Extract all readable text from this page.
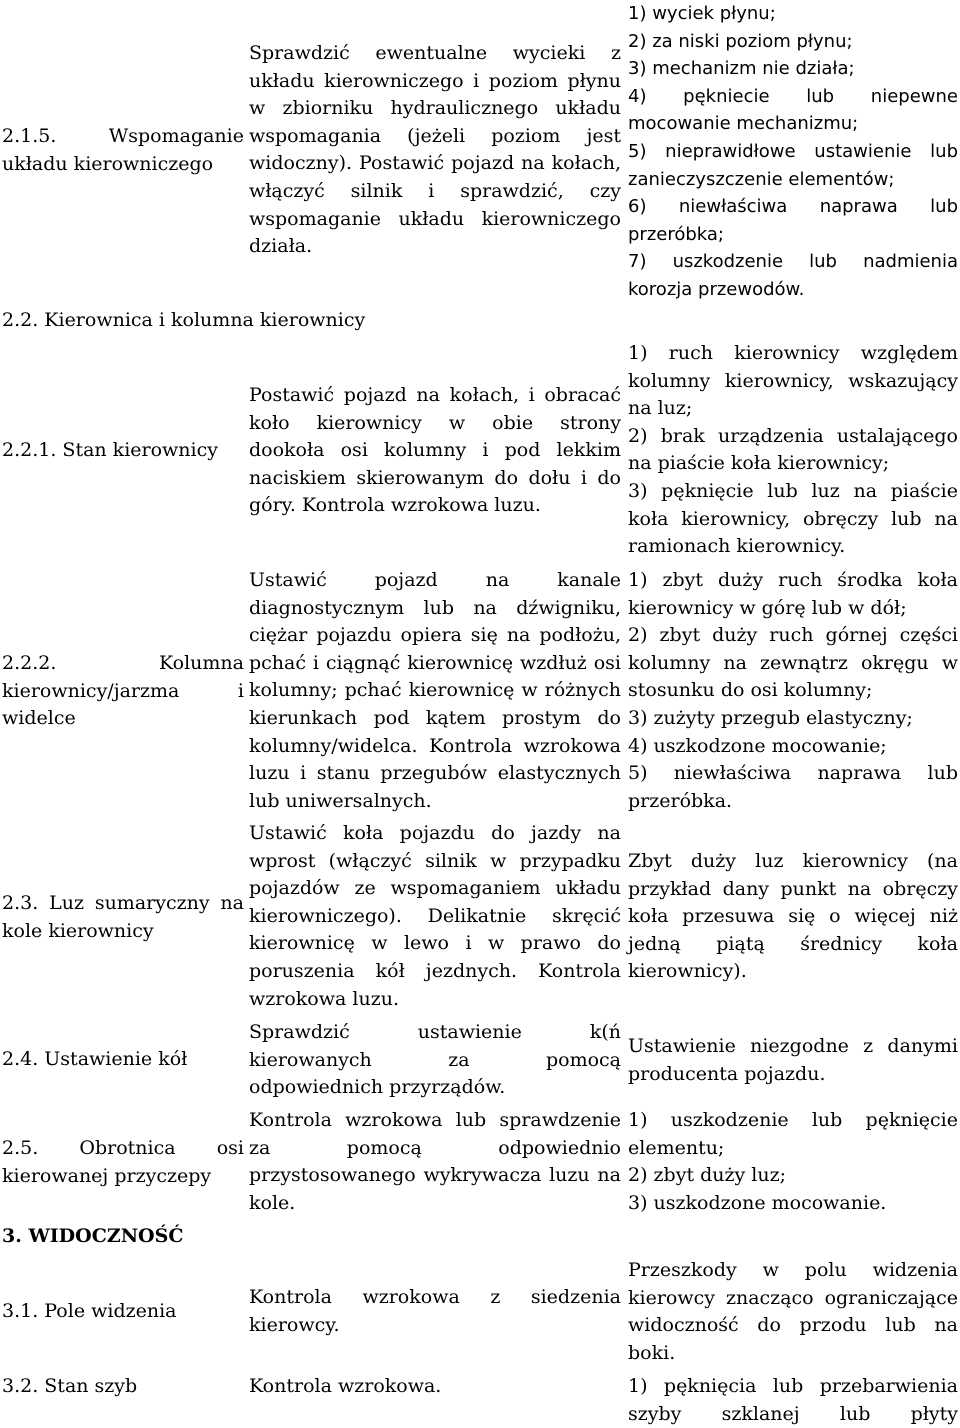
2.1.5. Wspomaganie
układu kierowniczego
Sprawdzić ewentualne wycieki z
układu kierowniczego i poziom płynu
w zbiorniku hydraulicznego układu
wspomagania (jeżeli poziom jest
widoczny). Postawić pojazd na kołach,
włączyć silnik i sprawdzić, czy
wspomaganie układu kierowniczego
działa.
1) wyciek płynu;
2) za niski poziom płynu;
3) mechanizm nie działa;
4) pękniecie lub niepewne
mocowanie mechanizmu;
5) nieprawidłowe ustawienie lub
zanieczyszczenie elementów;
6) niewłaściwa naprawa lub
przeróbka;
7) uszkodzenie lub nadmienia
korozja przewodów.
2.2. Kierownica i kolumna kierownicy
2.2.1. Stan kierownicy
Postawić pojazd na kołach, i obracać
koło kierownicy w obie strony
dookoła osi kolumny i pod lekkim
naciskiem skierowanym do dołu i do
góry. Kontrola wzrokowa luzu.
1) ruch kierownicy względem
kolumny kierownicy, wskazujący
na luz;
2) brak urządzenia ustalającego
na piaście koła kierownicy;
3) pęknięcie lub luz na piaście
koła kierownicy, obręczy lub na
ramionach kierownicy.
2.2.2. Kolumna
kierownicy/jarzma i
widelce
Ustawić pojazd na kanale
diagnostycznym lub na dźwigniku,
ciężar pojazdu opiera się na podłożu,
pchać i ciągnąć kierownicę wzdłuż osi
kolumny; pchać kierownicę w różnych
kierunkach pod kątem prostym do
kolumny/widelca. Kontrola wzrokowa
luzu i stanu przegubów elastycznych
lub uniwersalnych.
1) zbyt duży ruch środka koła
kierownicy w górę lub w dół;
2) zbyt duży ruch górnej części
kolumny na zewnątrz okręgu w
stosunku do osi kolumny;
3) zużyty przegub elastyczny;
4) uszkodzone mocowanie;
5) niewłaściwa naprawa lub
przeróbka.
2.3. Luz sumaryczny na
kole kierownicy
Ustawić koła pojazdu do jazdy na
wprost (włączyć silnik w przypadku
pojazdów ze wspomaganiem układu
kierowniczego). Delikatnie skręcić
kierownicę w lewo i w prawo do
poruszenia kół jezdnych. Kontrola
wzrokowa luzu.
Zbyt duży luz kierownicy (na
przykład dany punkt na obręczy
koła przesuwa się o więcej niż
jedną piątą średnicy koła
kierownicy).
2.4. Ustawienie kół
Sprawdzić ustawienie k(ń
kierowanych za pomocą
odpowiednich przyrządów.
Ustawienie niezgodne z danymi
producenta pojazdu.
2.5. Obrotnica osi
kierowanej przyczepy
Kontrola wzrokowa lub sprawdzenie
za pomocą odpowiednio
przystosowanego wykrywacza luzu na
kole.
1) uszkodzenie lub pęknięcie
elementu;
2) zbyt duży luz;
3) uszkodzone mocowanie.
3. WIDOCZNOŚĆ
3.1. Pole widzenia
Kontrola wzrokowa z siedzenia
kierowcy.
Przeszkody w polu widzenia
kierowcy znacząco ograniczające
widoczność do przodu lub na
boki.
3.2. Stan szyb	Kontrola wzrokowa.	1) pęknięcia lub przebarwienia
szyby szklanej lub płyty
